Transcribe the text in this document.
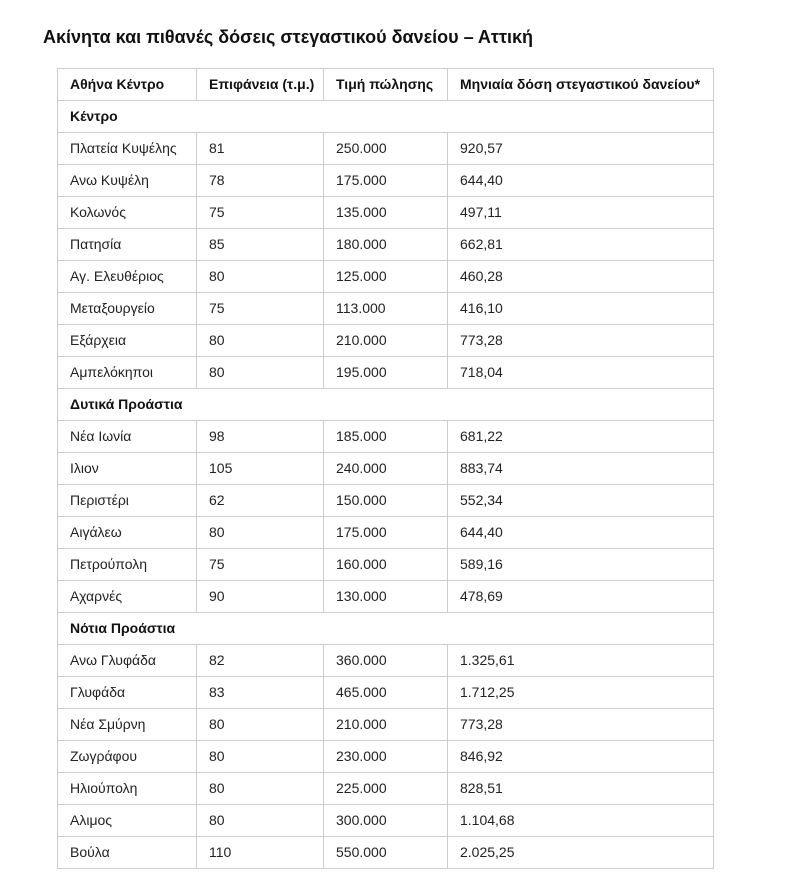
Ακίνητα και πιθανές δόσεις στεγαστικού δανείου – Αττική
Αθήνα Κέντρο	Επιφάνεια (τ.μ.)	Τιμή πώλησης	Μηνιαία δόση στεγαστικού δανείου*
Κέντρο			
Πλατεία Κυψέλης	81	250.000	920,57
Ανω Κυψέλη	78	175.000	644,40
Κολωνός	75	135.000	497,11
Πατησία	85	180.000	662,81
Αγ. Ελευθέριος	80	125.000	460,28
Μεταξουργείο	75	113.000	416,10
Εξάρχεια	80	210.000	773,28
Αμπελόκηποι	80	195.000	718,04
Δυτικά Προάστια			
Νέα Ιωνία	98	185.000	681,22
Ιλιον	105	240.000	883,74
Περιστέρι	62	150.000	552,34
Αιγάλεω	80	175.000	644,40
Πετρούπολη	75	160.000	589,16
Αχαρνές	90	130.000	478,69
Νότια Προάστια			
Ανω Γλυφάδα	82	360.000	1.325,61
Γλυφάδα	83	465.000	1.712,25
Νέα Σμύρνη	80	210.000	773,28
Ζωγράφου	80	230.000	846,92
Ηλιούπολη	80	225.000	828,51
Αλιμος	80	300.000	1.104,68
Βούλα	110	550.000	2.025,25
